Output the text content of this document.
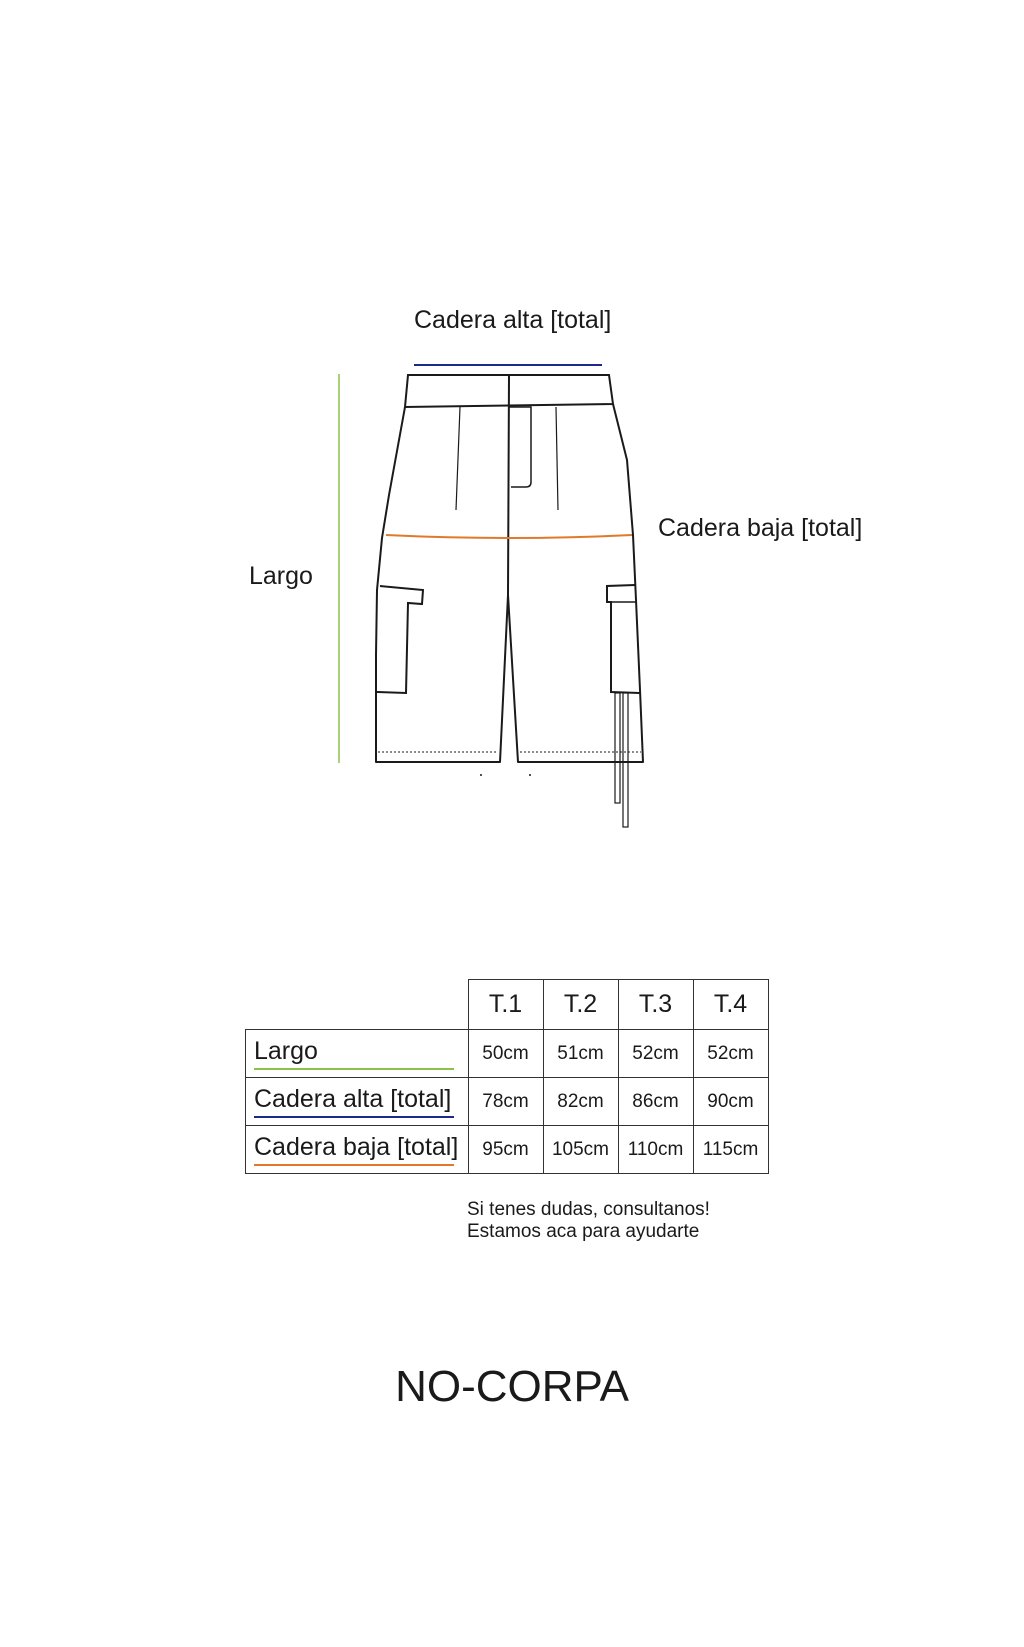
Cadera alta [total]
Cadera baja [total]
Largo
	T.1	T.2	T.3	T.4
Largo	50cm	51cm	52cm	52cm
Cadera alta [total]	78cm	82cm	86cm	90cm
Cadera baja [total]	95cm	105cm	110cm	115cm
Si tenes dudas, consultanos!
Estamos aca para ayudarte
NO-CORPA
